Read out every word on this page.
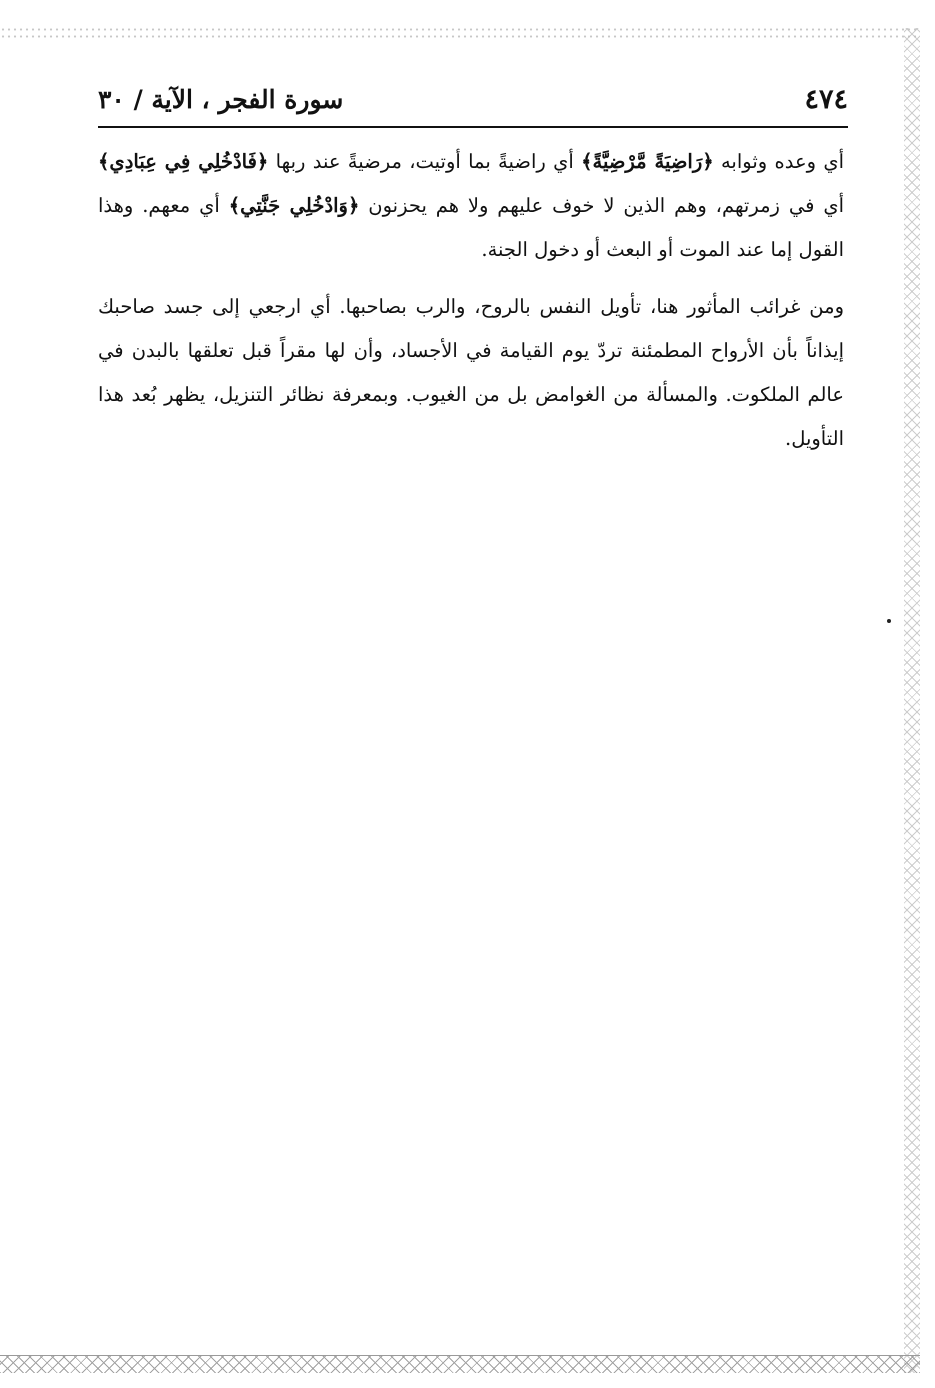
٤٧٤
سورة الفجر ، الآية / ٣٠

أي وعده وثوابه ﴿رَاضِيَةً مَّرْضِيَّةً﴾ أي راضيةً بما أوتيت، مرضيةً عند ربها ﴿فَادْخُلِي فِي عِبَادِي﴾ أي في زمرتهم، وهم الذين لا خوف عليهم ولا هم يحزنون ﴿وَادْخُلِي جَنَّتِي﴾ أي معهم. وهذا القول إما عند الموت أو البعث أو دخول الجنة.

ومن غرائب المأثور هنا، تأويل النفس بالروح، والرب بصاحبها. أي ارجعي إلى جسد صاحبك إيذاناً بأن الأرواح المطمئنة تردّ يوم القيامة في الأجساد، وأن لها مقراً قبل تعلقها بالبدن في عالم الملكوت. والمسألة من الغوامض بل من الغيوب. وبمعرفة نظائر التنزيل، يظهر بُعد هذا التأويل.
